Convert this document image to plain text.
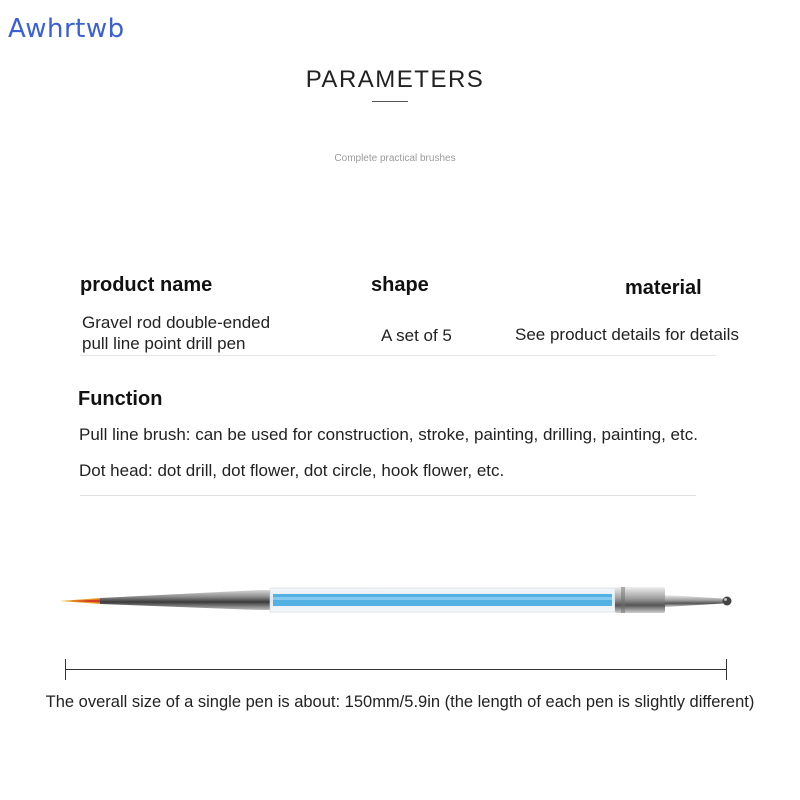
Awhrtwb
PARAMETERS
Complete practical brushes
product name	shape	material
Gravel rod double-ended
pull line point drill pen	A set of 5	See product details for details
Function
Pull line brush: can be used for construction, stroke, painting, drilling, painting, etc.
Dot head: dot drill, dot flower, dot circle, hook flower, etc.
The overall size of a single pen is about: 150mm/5.9in (the length of each pen is slightly different)
